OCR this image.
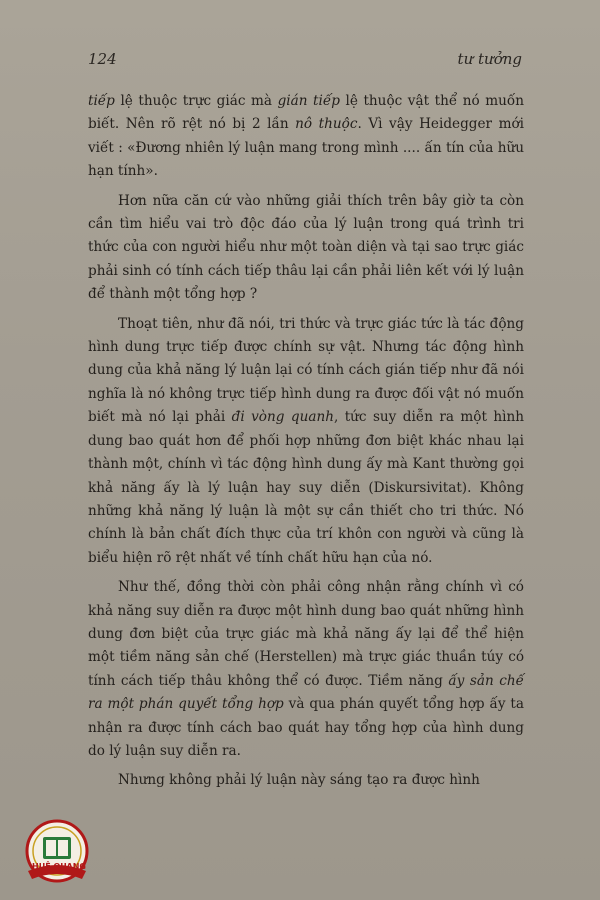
124	tư tưởng

tiếp lệ thuộc trực giác mà gián tiếp lệ thuộc vật thể nó muốn biết. Nên rõ rệt nó bị 2 lần nô thuộc. Vì vậy Heidegger mới viết : «Đương nhiên lý luận mang trong mình .... ấn tín của hữu hạn tính».

Hơn nữa căn cứ vào những giải thích trên bây giờ ta còn cần tìm hiểu vai trò độc đáo của lý luận trong quá trình tri thức của con người hiểu như một toàn diện và tại sao trực giác phải sinh có tính cách tiếp thâu lại cần phải liên kết với lý luận để thành một tổng hợp ?

Thoạt tiên, như đã nói, tri thức và trực giác tức là tác động hình dung trực tiếp được chính sự vật. Nhưng tác động hình dung của khả năng lý luận lại có tính cách gián tiếp như đã nói nghĩa là nó không trực tiếp hình dung ra được đối vật nó muốn biết mà nó lại phải đi vòng quanh, tức suy diễn ra một hình dung bao quát hơn để phối hợp những đơn biệt khác nhau lại thành một, chính vì tác động hình dung ấy mà Kant thường gọi khả năng ấy là lý luận hay suy diễn (Diskursivitat). Không những khả năng lý luận là một sự cần thiết cho tri thức. Nó chính là bản chất đích thực của trí khôn con người và cũng là biểu hiện rõ rệt nhất về tính chất hữu hạn của nó.

Như thế, đồng thời còn phải công nhận rằng chính vì có khả năng suy diễn ra được một hình dung bao quát những hình dung đơn biệt của trực giác mà khả năng ấy lại để thể hiện một tiềm năng sản chế (Herstellen) mà trực giác thuần túy có tính cách tiếp thâu không thể có được. Tiềm năng ấy sản chế ra một phán quyết tổng hợp và qua phán quyết tổng hợp ấy ta nhận ra được tính cách bao quát hay tổng hợp của hình dung do lý luận suy diễn ra.

Nhưng không phải lý luận này sáng tạo ra được hình

HUỆ QUANG
